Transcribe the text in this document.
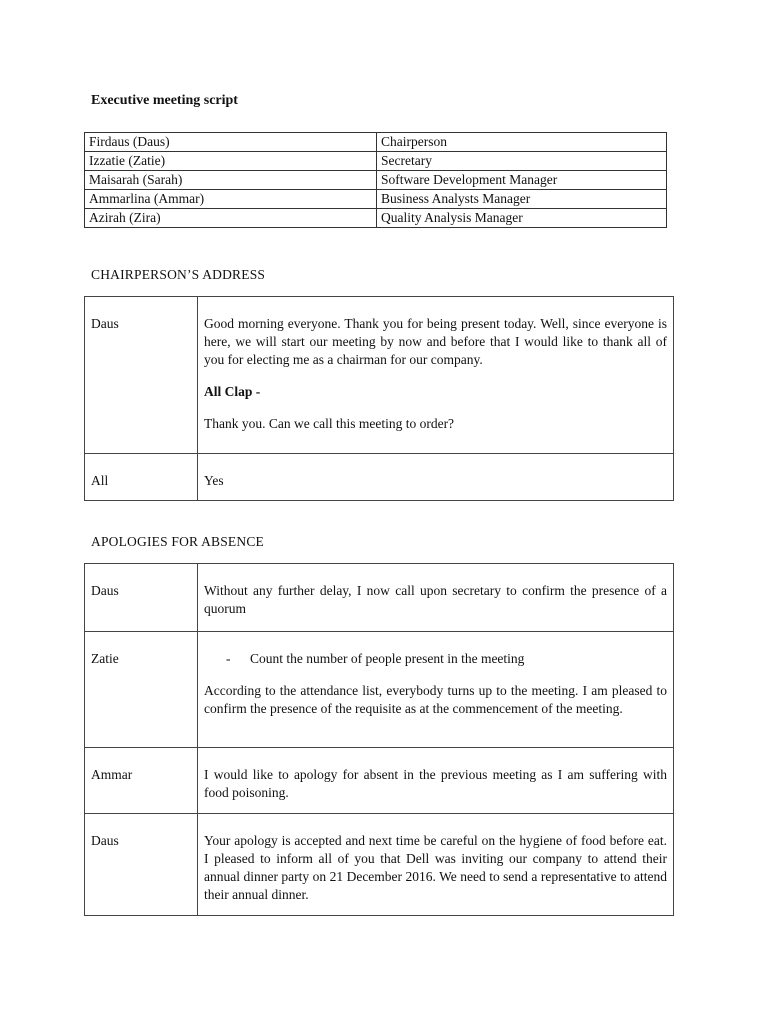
Executive meeting script
Firdaus (Daus)	Chairperson
Izzatie (Zatie)	Secretary
Maisarah (Sarah)	Software Development Manager
Ammarlina (Ammar)	Business Analysts Manager
Azirah (Zira)	Quality Analysis Manager
CHAIRPERSON’S ADDRESS
Daus	Good morning everyone. Thank you for being present today. Well, since everyone is here, we will start our meeting by now and before that I would like to thank all of you for electing me as a chairman for our company.

All Clap -

Thank you. Can we call this meeting to order?

All	Yes

APOLOGIES FOR ABSENCE
Daus	Without any further delay, I now call upon secretary to confirm the presence of a quorum

Zatie	- Count the number of people present in the meeting

According to the attendance list, everybody turns up to the meeting. I am pleased to confirm the presence of the requisite as at the commencement of the meeting.

Ammar	I would like to apology for absent in the previous meeting as I am suffering with food poisoning.

Daus	Your apology is accepted and next time be careful on the hygiene of food before eat. I pleased to inform all of you that Dell was inviting our company to attend their annual dinner party on 21 December 2016. We need to send a representative to attend their annual dinner.
